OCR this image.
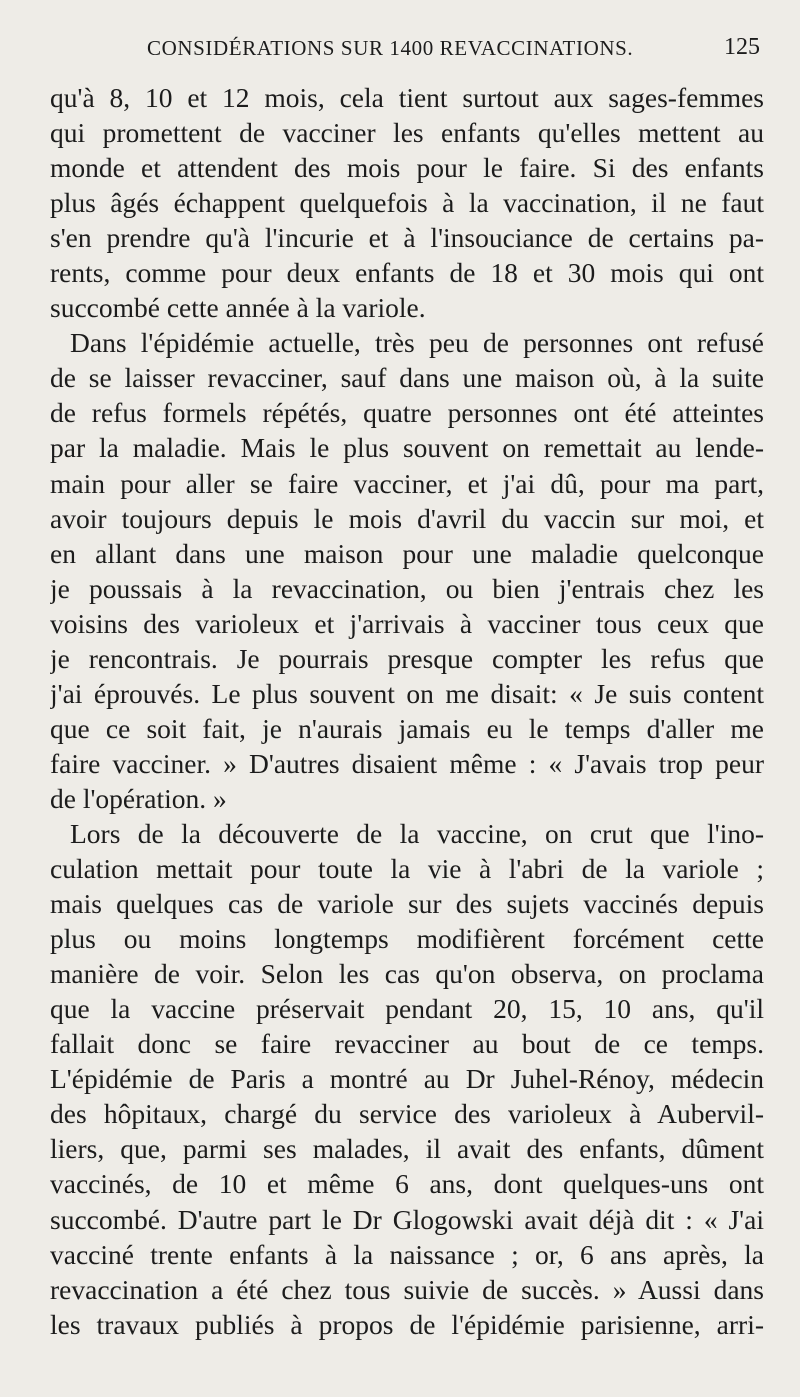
CONSIDÉRATIONS SUR 1400 REVACCINATIONS.	125
qu'à 8, 10 et 12 mois, cela tient surtout aux sages-femmes
qui promettent de vacciner les enfants qu'elles mettent au
monde et attendent des mois pour le faire. Si des enfants
plus âgés échappent quelquefois à la vaccination, il ne faut
s'en prendre qu'à l'incurie et à l'insouciance de certains pa-
rents, comme pour deux enfants de 18 et 30 mois qui ont
succombé cette année à la variole.
Dans l'épidémie actuelle, très peu de personnes ont refusé
de se laisser revacciner, sauf dans une maison où, à la suite
de refus formels répétés, quatre personnes ont été atteintes
par la maladie. Mais le plus souvent on remettait au lende-
main pour aller se faire vacciner, et j'ai dû, pour ma part,
avoir toujours depuis le mois d'avril du vaccin sur moi, et
en allant dans une maison pour une maladie quelconque
je poussais à la revaccination, ou bien j'entrais chez les
voisins des varioleux et j'arrivais à vacciner tous ceux que
je rencontrais. Je pourrais presque compter les refus que
j'ai éprouvés. Le plus souvent on me disait: « Je suis content
que ce soit fait, je n'aurais jamais eu le temps d'aller me
faire vacciner. » D'autres disaient même : « J'avais trop peur
de l'opération. »
Lors de la découverte de la vaccine, on crut que l'ino-
culation mettait pour toute la vie à l'abri de la variole ;
mais quelques cas de variole sur des sujets vaccinés depuis
plus ou moins longtemps modifièrent forcément cette
manière de voir. Selon les cas qu'on observa, on proclama
que la vaccine préservait pendant 20, 15, 10 ans, qu'il
fallait donc se faire revacciner au bout de ce temps.
L'épidémie de Paris a montré au Dr Juhel-Rénoy, médecin
des hôpitaux, chargé du service des varioleux à Aubervil-
liers, que, parmi ses malades, il avait des enfants, dûment
vaccinés, de 10 et même 6 ans, dont quelques-uns ont
succombé. D'autre part le Dr Glogowski avait déjà dit : « J'ai
vacciné trente enfants à la naissance ; or, 6 ans après, la
revaccination a été chez tous suivie de succès. » Aussi dans
les travaux publiés à propos de l'épidémie parisienne, arri-
